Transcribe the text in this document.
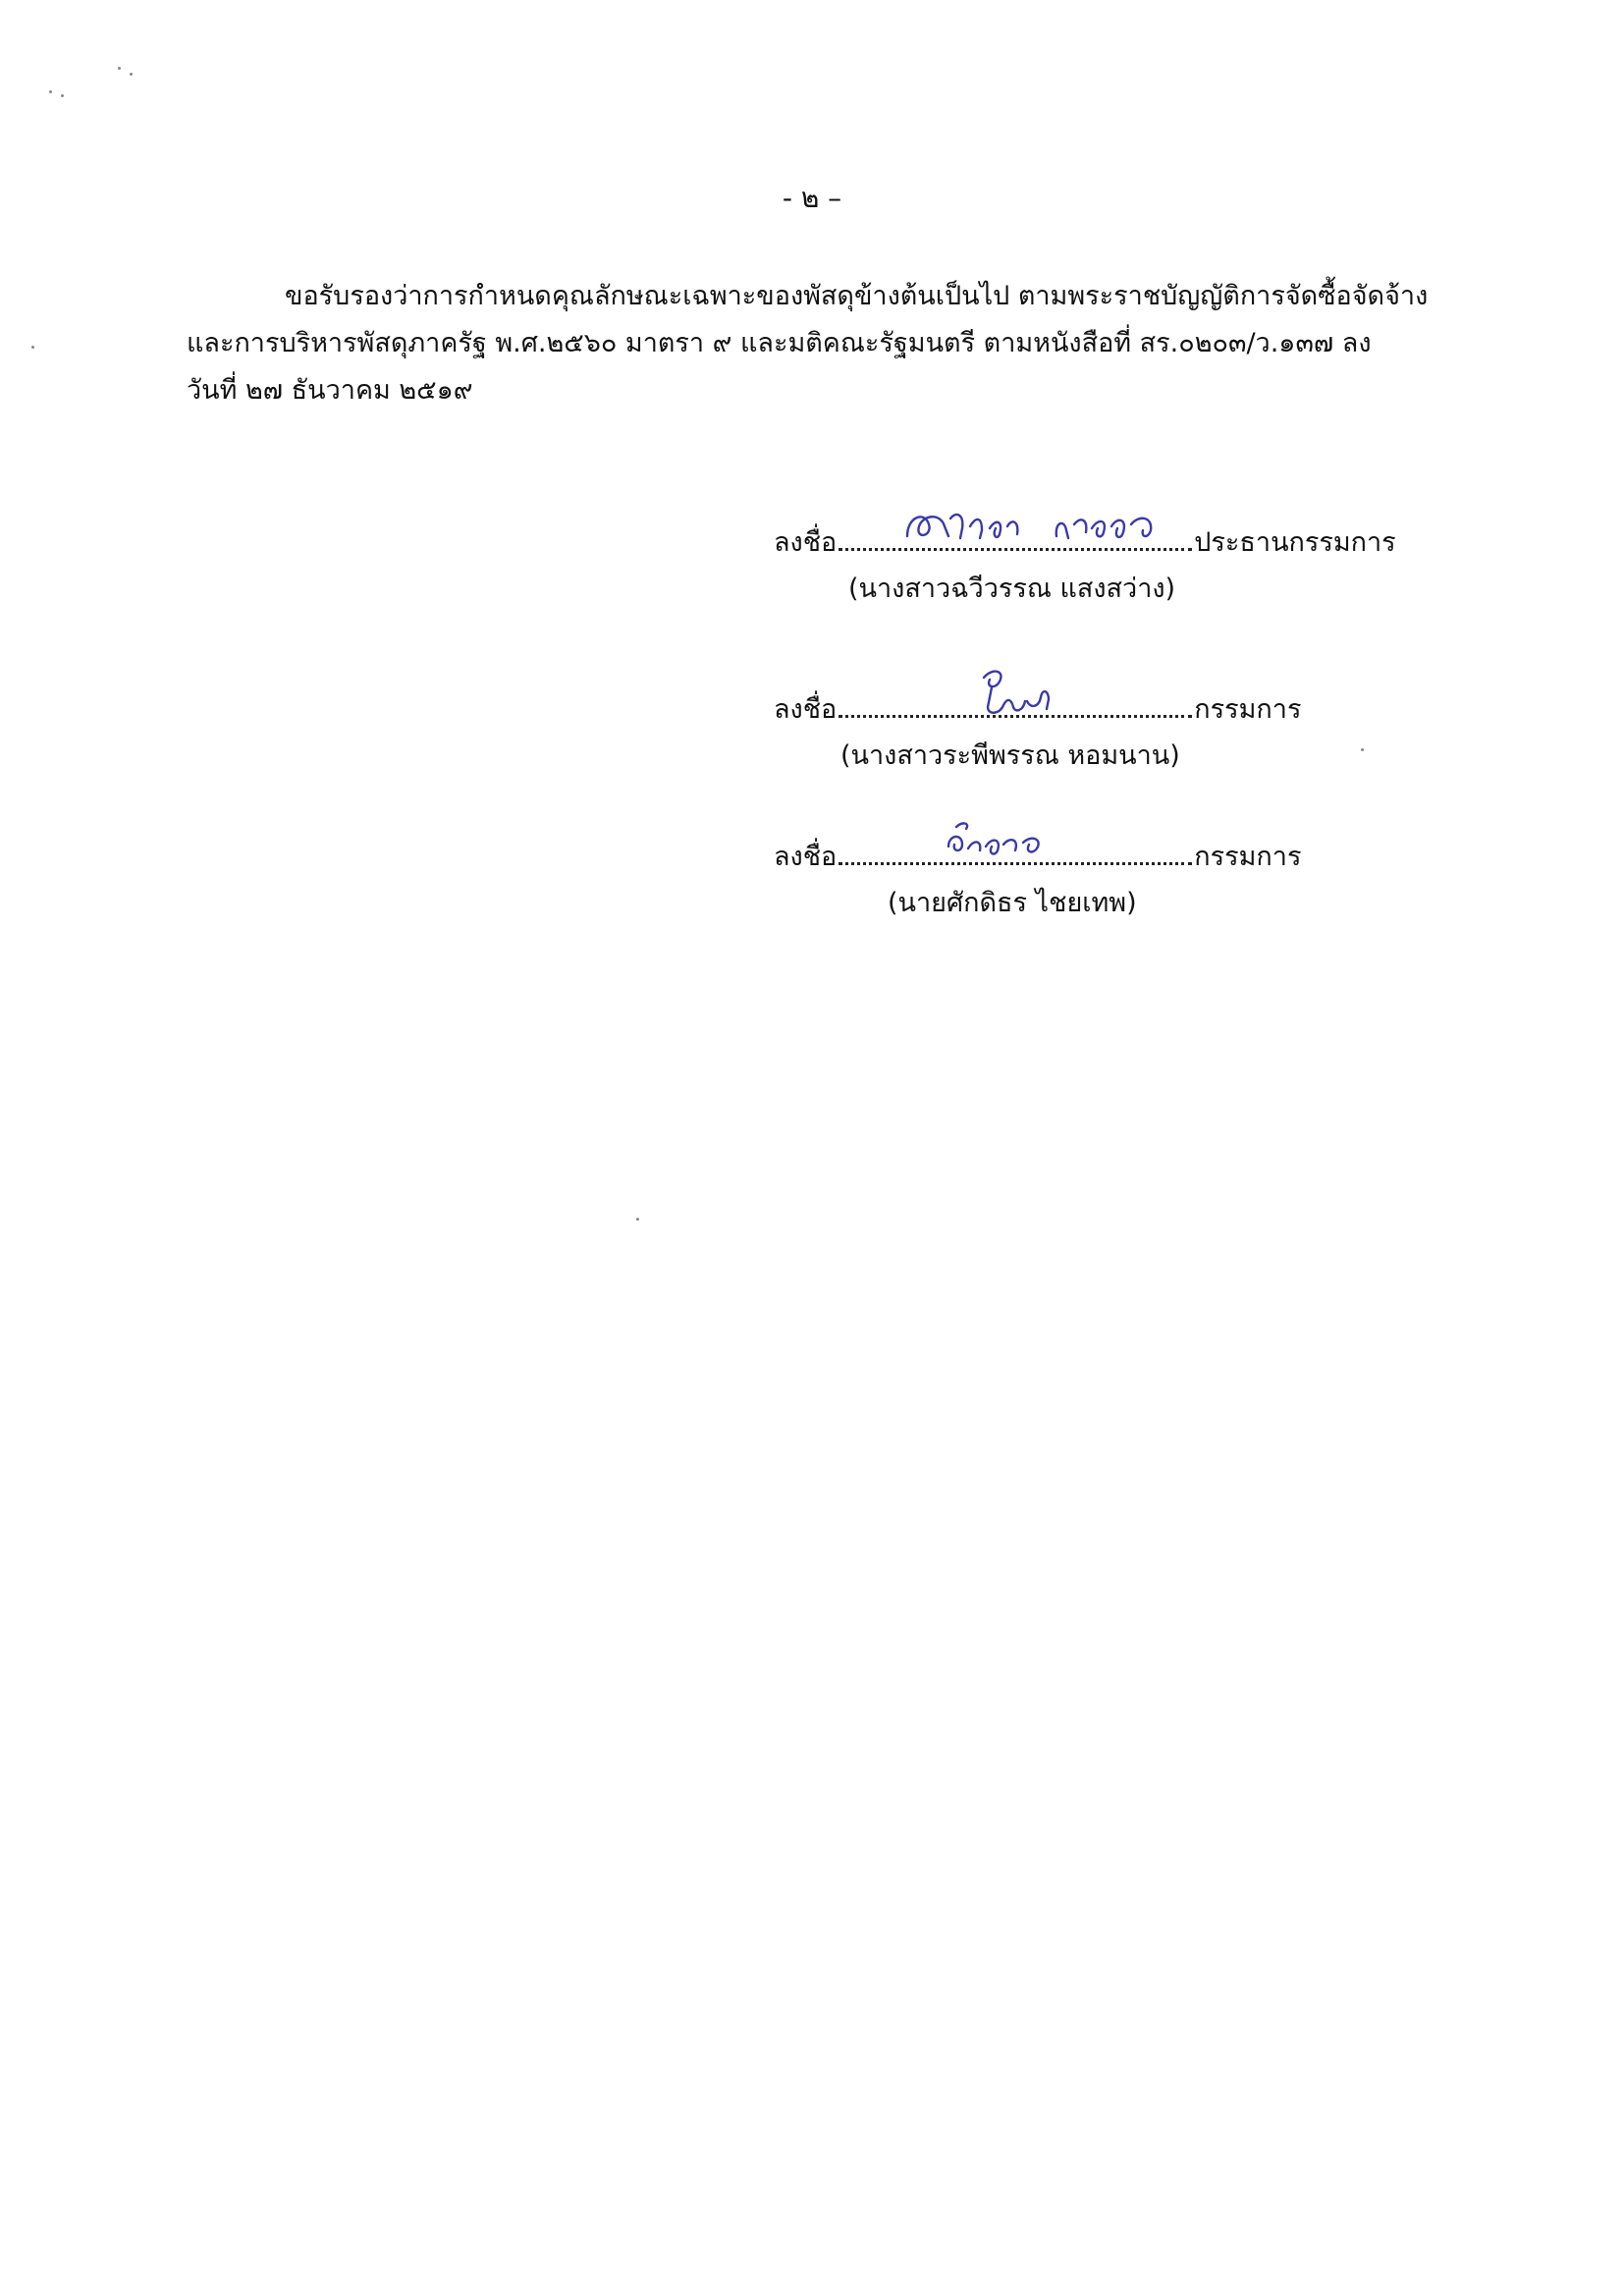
- ๒ –
ขอรับรองว่าการกำหนดคุณลักษณะเฉพาะของพัสดุข้างต้นเป็นไป ตามพระราชบัญญัติการจัดซื้อจัดจ้าง
และการบริหารพัสดุภาครัฐ พ.ศ.๒๕๖๐ มาตรา ๙ และมติคณะรัฐมนตรี ตามหนังสือที่ สร.๐๒๐๓/ว.๑๓๗ ลง
วันที่ ๒๗ ธันวาคม ๒๕๑๙
ลงชื่อ	ประธานกรรมการ
ฉวีวรรณ แสงสว่าง
(นางสาวฉวีวรรณ แสงสว่าง)
ลงชื่อ	กรรมการ
ระพี
(นางสาวระพีพรรณ หอมนาน)
ลงชื่อ	กรรมการ
ศักดิธร
(นายศักดิธร ไชยเทพ)
